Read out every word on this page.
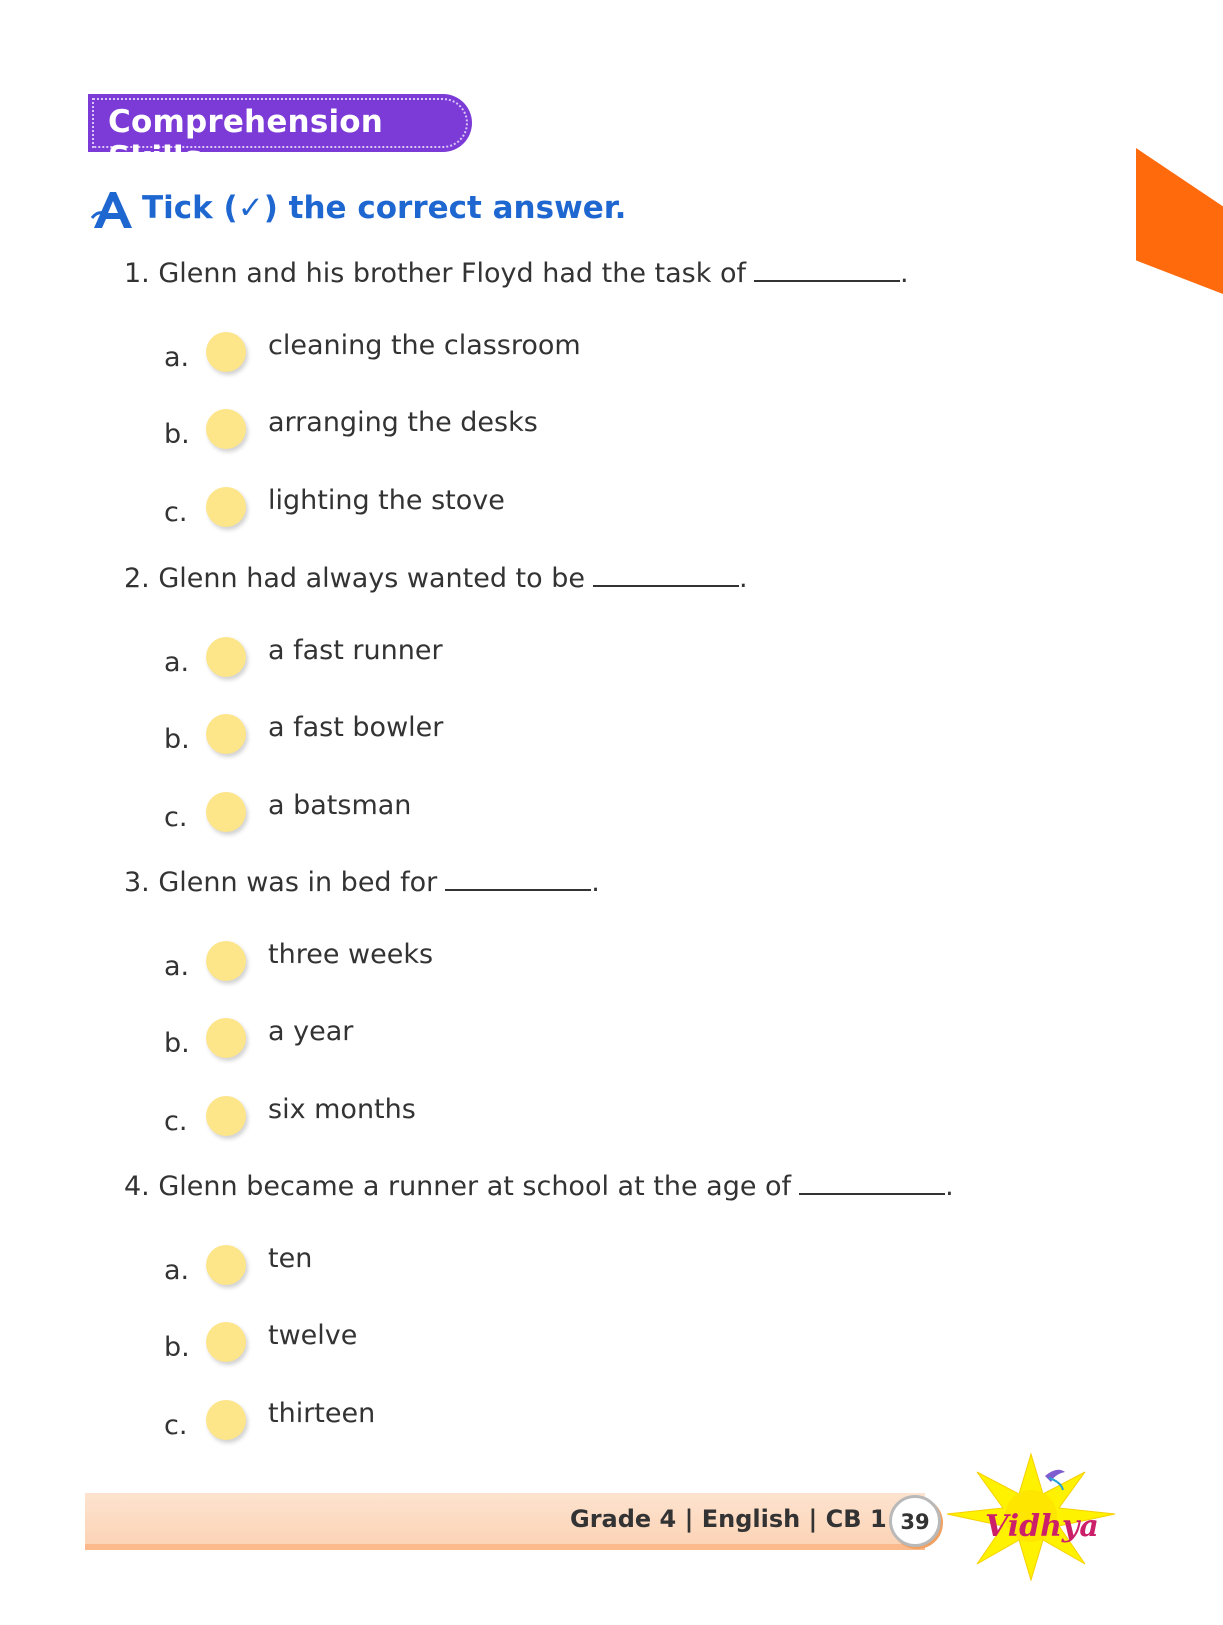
Comprehension Skills
A Tick (✓) the correct answer.
1. Glenn and his brother Floyd had the task of	.
a.	cleaning the classroom
b.	arranging the desks
c.	lighting the stove
2. Glenn had always wanted to be	.
a.	a fast runner
b.	a fast bowler
c.	a batsman
3. Glenn was in bed for	.
a.	three weeks
b.	a year
c.	six months
4. Glenn became a runner at school at the age of	.
a.	ten
b.	twelve
c.	thirteen
Grade 4 | English | CB 1 39 Vidhya
